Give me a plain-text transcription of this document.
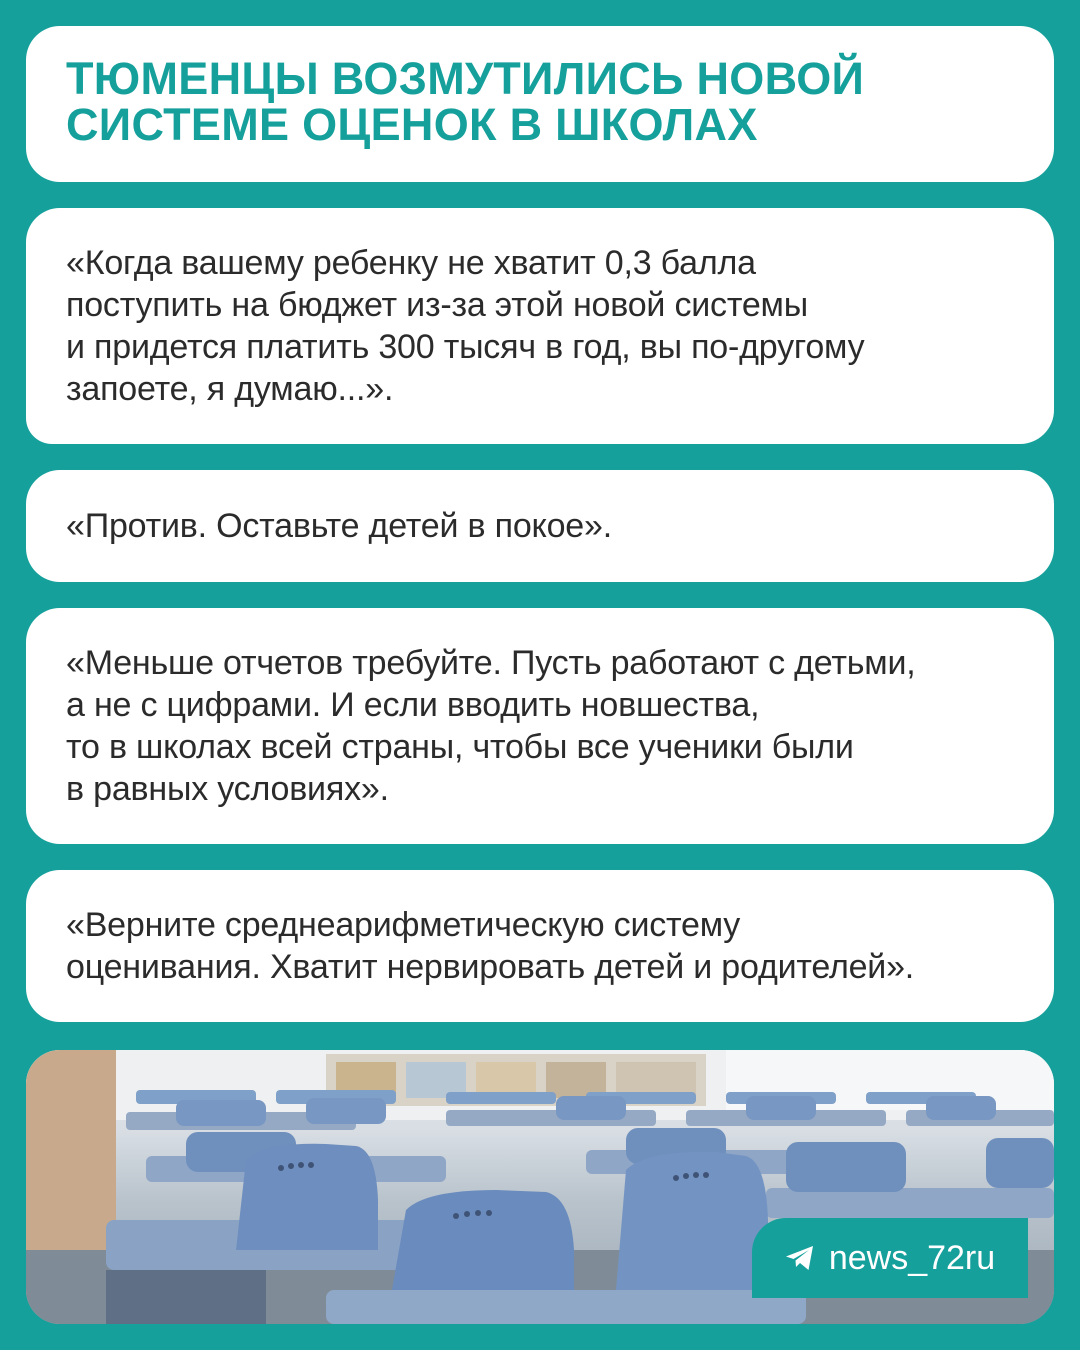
ТЮМЕНЦЫ ВОЗМУТИЛИСЬ НОВОЙ
СИСТЕМЕ ОЦЕНОК В ШКОЛАХ

«Когда вашему ребенку не хватит 0,3 балла
поступить на бюджет из-за этой новой системы
и придется платить 300 тысяч в год, вы по-другому
запоете, я думаю...».

«Против. Оставьте детей в покое».

«Меньше отчетов требуйте. Пусть работают с детьми,
а не с цифрами. И если вводить новшества,
то в школах всей страны, чтобы все ученики были
в равных условиях».

«Верните среднеарифметическую систему
оценивания. Хватит нервировать детей и родителей».

news_72ru
